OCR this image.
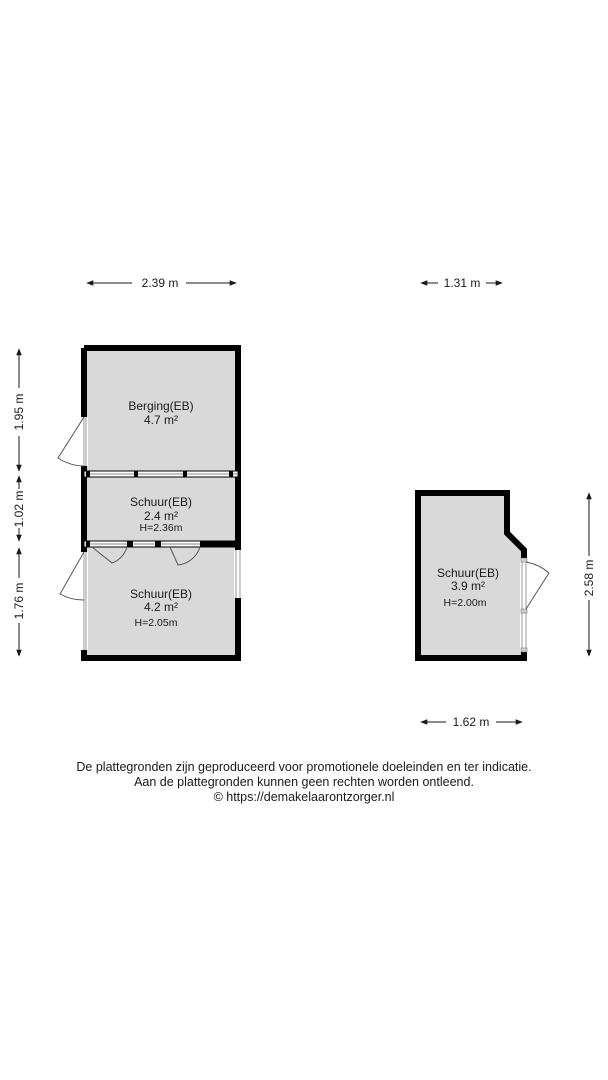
Berging(EB)
4.7 m²
Schuur(EB)
2.4 m²
H=2.36m
Schuur(EB)
4.2 m²
H=2.05m
Schuur(EB)
3.9 m²
H=2.00m
2.39 m	1.31 m
1.62 m
1.95 m
1.02 m
1.76 m
2.58 m
De plattegronden zijn geproduceerd voor promotionele doeleinden en ter indicatie.
Aan de plattegronden kunnen geen rechten worden ontleend.
© https://demakelaarontzorger.nl
